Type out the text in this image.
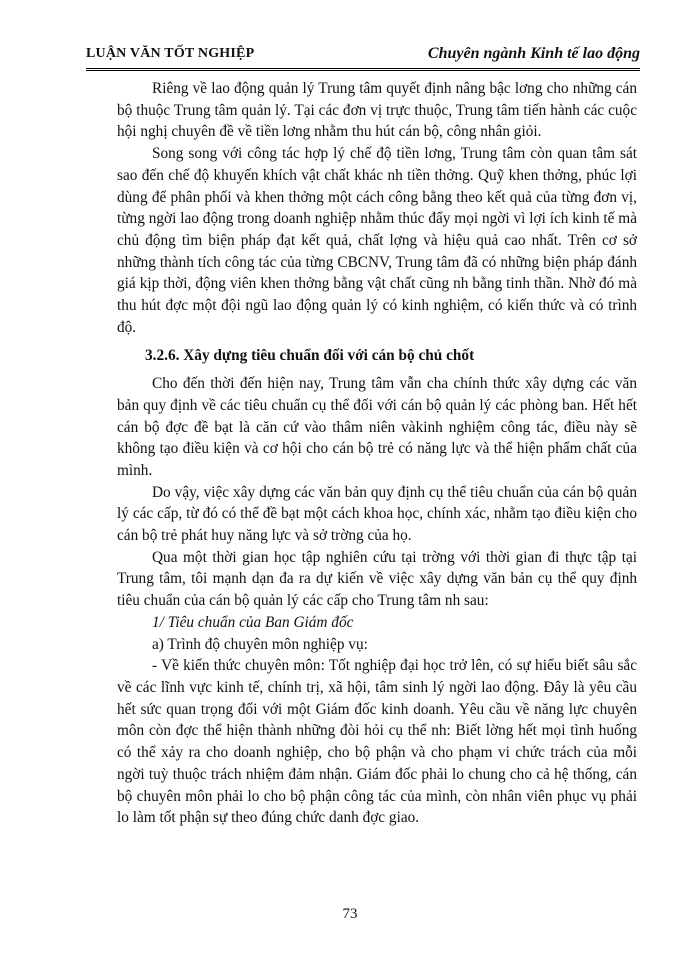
LUẬN VĂN TỐT NGHIỆP	Chuyên ngành Kinh tế lao động

Riêng về lao động quản lý Trung tâm quyết định nâng bậc lơng cho những cán bộ thuộc Trung tâm quản lý. Tại các đơn vị trực thuộc, Trung tâm tiến hành các cuộc hội nghị chuyên đề về tiền lơng nhằm thu hút cán bộ, công nhân giỏi.

Song song với công tác hợp lý chế độ tiền lơng, Trung tâm còn quan tâm sát sao đến chế độ khuyến khích vật chất khác nh tiền thởng. Quỹ khen thởng, phúc lợi dùng để phân phối và khen thởng một cách công bằng theo kết quả của từng đơn vị, từng ngời lao động trong doanh nghiệp nhằm thúc đẩy mọi ngời vì lợi ích kinh tế mà chủ động tìm biện pháp đạt kết quả, chất lợng và hiệu quả cao nhất. Trên cơ sở những thành tích công tác của từng CBCNV, Trung tâm đã có những biện pháp đánh giá kịp thời, động viên khen thởng bằng vật chất cũng nh bằng tinh thần. Nhờ đó mà thu hút đợc một đội ngũ lao động quản lý có kinh nghiệm, có kiến thức và có trình độ.

3.2.6. Xây dựng tiêu chuẩn đối với cán bộ chủ chốt

Cho đến thời đến hiện nay, Trung tâm vẫn cha chính thức xây dựng các văn bản quy định về các tiêu chuẩn cụ thể đối với cán bộ quản lý các phòng ban. Hết hết cán bộ đợc đề bạt là căn cứ vào thâm niên vàkinh nghiệm công tác, điều này sẽ không tạo điều kiện và cơ hội cho cán bộ trẻ có năng lực và thể hiện phẩm chất của mình.

Do vậy, việc xây dựng các văn bản quy định cụ thể tiêu chuẩn của cán bộ quản lý các cấp, từ đó có thể đề bạt một cách khoa học, chính xác, nhằm tạo điều kiện cho cán bộ trẻ phát huy năng lực và sở trờng của họ.

Qua một thời gian học tập nghiên cứu tại trờng với thời gian đi thực tập tại Trung tâm, tôi mạnh dạn đa ra dự kiến về việc xây dựng văn bản cụ thể quy định tiêu chuẩn của cán bộ quản lý các cấp cho Trung tâm nh sau:

1/ Tiêu chuẩn của Ban Giám đốc

a) Trình độ chuyên môn nghiệp vụ:

- Về kiến thức chuyên môn: Tốt nghiệp đại học trở lên, có sự hiểu biết sâu sắc về các lĩnh vực kinh tế, chính trị, xã hội, tâm sinh lý ngời lao động. Đây là yêu cầu hết sức quan trọng đối với một Giám đốc kinh doanh. Yêu cầu về năng lực chuyên môn còn đợc thể hiện thành những đòi hỏi cụ thể nh: Biết lờng hết mọi tình huống có thể xảy ra cho doanh nghiệp, cho bộ phận và cho phạm vi chức trách của mỗi ngời tuỳ thuộc trách nhiệm đảm nhận. Giám đốc phải lo chung cho cả hệ thống, cán bộ chuyên môn phải lo cho bộ phận công tác của mình, còn nhân viên phục vụ phải lo làm tốt phận sự theo đúng chức danh đợc giao.

73
